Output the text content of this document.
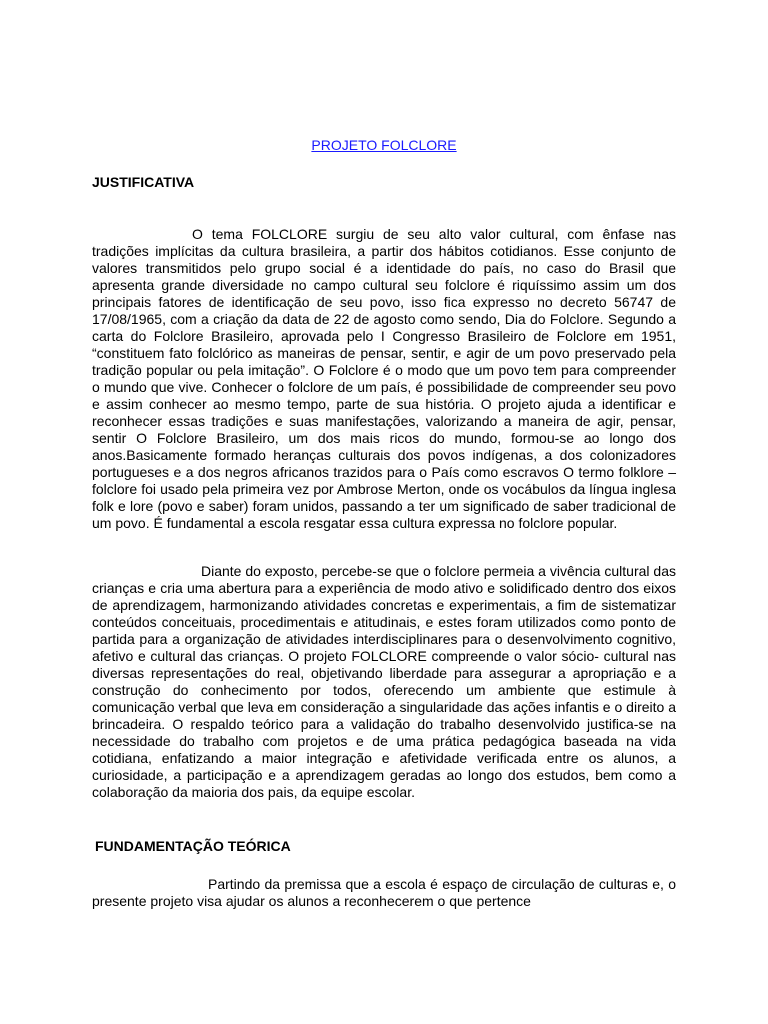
PROJETO FOLCLORE

JUSTIFICATIVA

O tema FOLCLORE surgiu de seu alto valor cultural, com ênfase nas tradições implícitas da cultura brasileira, a partir dos hábitos cotidianos. Esse conjunto de valores transmitidos pelo grupo social é a identidade do país, no caso do Brasil que apresenta grande diversidade no campo cultural seu folclore é riquíssimo assim um dos principais fatores de identificação de seu povo, isso fica expresso no decreto 56747 de 17/08/1965, com a criação da data de 22 de agosto como sendo, Dia do Folclore. Segundo a carta do Folclore Brasileiro, aprovada pelo I Congresso Brasileiro de Folclore em 1951, “constituem fato folclórico as maneiras de pensar, sentir, e agir de um povo preservado pela tradição popular ou pela imitação”. O Folclore é o modo que um povo tem para compreender o mundo que vive. Conhecer o folclore de um país, é possibilidade de compreender seu povo e assim conhecer ao mesmo tempo, parte de sua história. O projeto ajuda a identificar e reconhecer essas tradições e suas manifestações, valorizando a maneira de agir, pensar, sentir O Folclore Brasileiro, um dos mais ricos do mundo, formou-se ao longo dos anos.Basicamente formado heranças culturais dos povos indígenas, a dos colonizadores portugueses e a dos negros africanos trazidos para o País como escravos O termo folklore – folclore foi usado pela primeira vez por Ambrose Merton, onde os vocábulos da língua inglesa folk e lore (povo e saber) foram unidos, passando a ter um significado de saber tradicional de um povo. É fundamental a escola resgatar essa cultura expressa no folclore popular.

Diante do exposto, percebe-se que o folclore permeia a vivência cultural das crianças e cria uma abertura para a experiência de modo ativo e solidificado dentro dos eixos de aprendizagem, harmonizando atividades concretas e experimentais, a fim de sistematizar conteúdos conceituais, procedimentais e atitudinais, e estes foram utilizados como ponto de partida para a organização de atividades interdisciplinares para o desenvolvimento cognitivo, afetivo e cultural das crianças. O projeto FOLCLORE compreende o valor sócio- cultural nas diversas representações do real, objetivando liberdade para assegurar a apropriação e a construção do conhecimento por todos, oferecendo um ambiente que estimule à comunicação verbal que leva em consideração a singularidade das ações infantis e o direito a brincadeira. O respaldo teórico para a validação do trabalho desenvolvido justifica-se na necessidade do trabalho com projetos e de uma prática pedagógica baseada na vida cotidiana, enfatizando a maior integração e afetividade verificada entre os alunos, a curiosidade, a participação e a aprendizagem geradas ao longo dos estudos, bem como a colaboração da maioria dos pais, da equipe escolar.

FUNDAMENTAÇÃO TEÓRICA

Partindo da premissa que a escola é espaço de circulação de culturas e, o presente projeto visa ajudar os alunos a reconhecerem o que pertence
